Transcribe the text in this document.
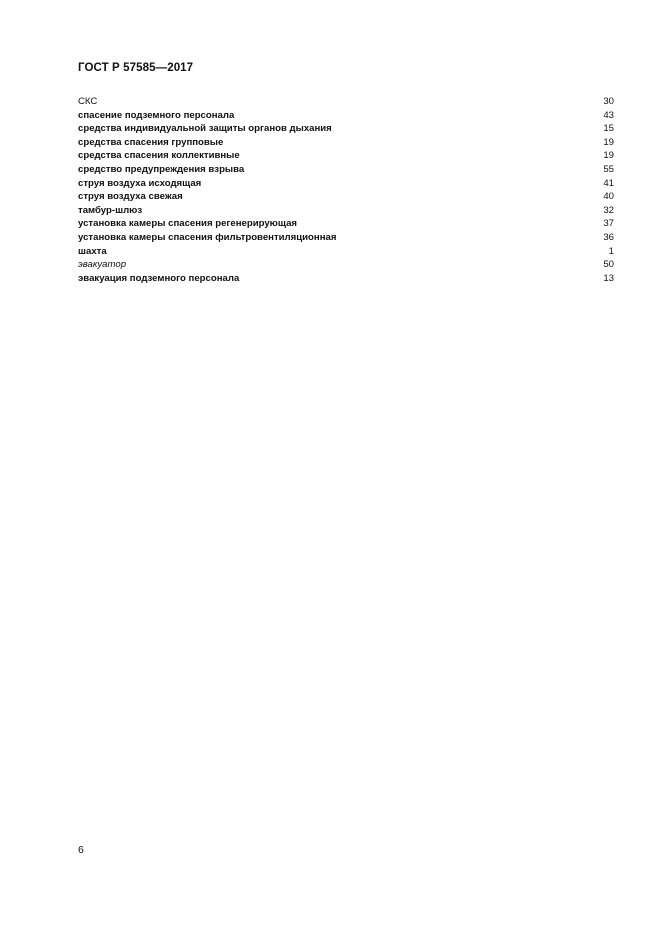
ГОСТ Р 57585—2017
СКС	30
спасение подземного персонала	43
средства индивидуальной защиты органов дыхания	15
средства спасения групповые	19
средства спасения коллективные	19
средство предупреждения взрыва	55
струя воздуха исходящая	41
струя воздуха свежая	40
тамбур-шлюз	32
установка камеры спасения регенерирующая	37
установка камеры спасения фильтровентиляционная	36
шахта	1
эвакуатор	50
эвакуация подземного персонала	13
6
